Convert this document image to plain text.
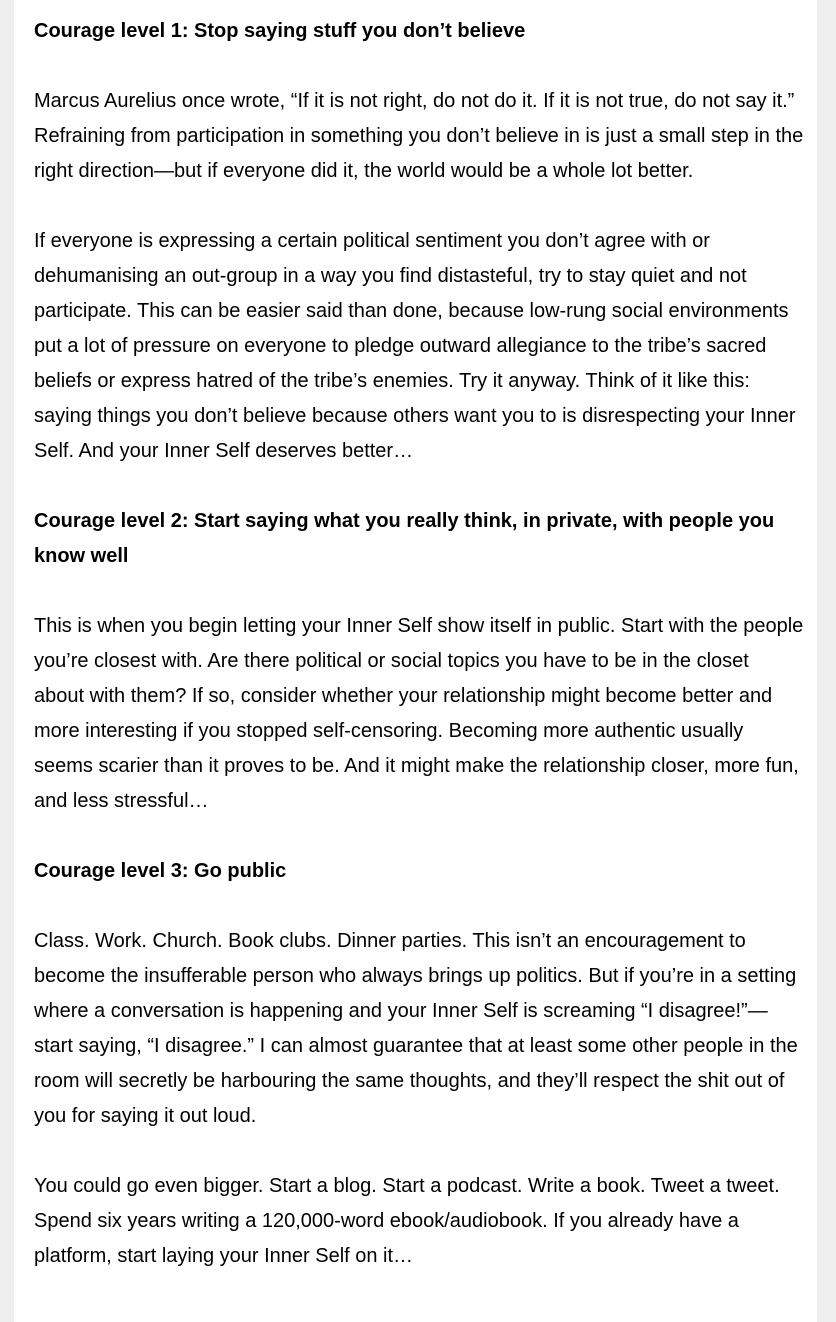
Courage level 1: Stop saying stuff you don’t believe
Marcus Aurelius once wrote, “If it is not right, do not do it. If it is not true, do not say it.” Refraining from participation in something you don’t believe in is just a small step in the right direction—but if everyone did it, the world would be a whole lot better.
If everyone is expressing a certain political sentiment you don’t agree with or dehumanising an out-group in a way you find distasteful, try to stay quiet and not participate. This can be easier said than done, because low-rung social environments put a lot of pressure on everyone to pledge outward allegiance to the tribe’s sacred beliefs or express hatred of the tribe’s enemies. Try it anyway. Think of it like this: saying things you don’t believe because others want you to is disrespecting your Inner Self. And your Inner Self deserves better…
Courage level 2: Start saying what you really think, in private, with people you know well
This is when you begin letting your Inner Self show itself in public. Start with the people you’re closest with. Are there political or social topics you have to be in the closet about with them? If so, consider whether your relationship might become better and more interesting if you stopped self-censoring. Becoming more authentic usually seems scarier than it proves to be. And it might make the relationship closer, more fun, and less stressful…
Courage level 3: Go public
Class. Work. Church. Book clubs. Dinner parties. This isn’t an encouragement to become the insufferable person who always brings up politics. But if you’re in a setting where a conversation is happening and your Inner Self is screaming “I disagree!”—start saying, “I disagree.” I can almost guarantee that at least some other people in the room will secretly be harbouring the same thoughts, and they’ll respect the shit out of you for saying it out loud.
You could go even bigger. Start a blog. Start a podcast. Write a book. Tweet a tweet. Spend six years writing a 120,000-word ebook/audiobook. If you already have a platform, start laying your Inner Self on it…
